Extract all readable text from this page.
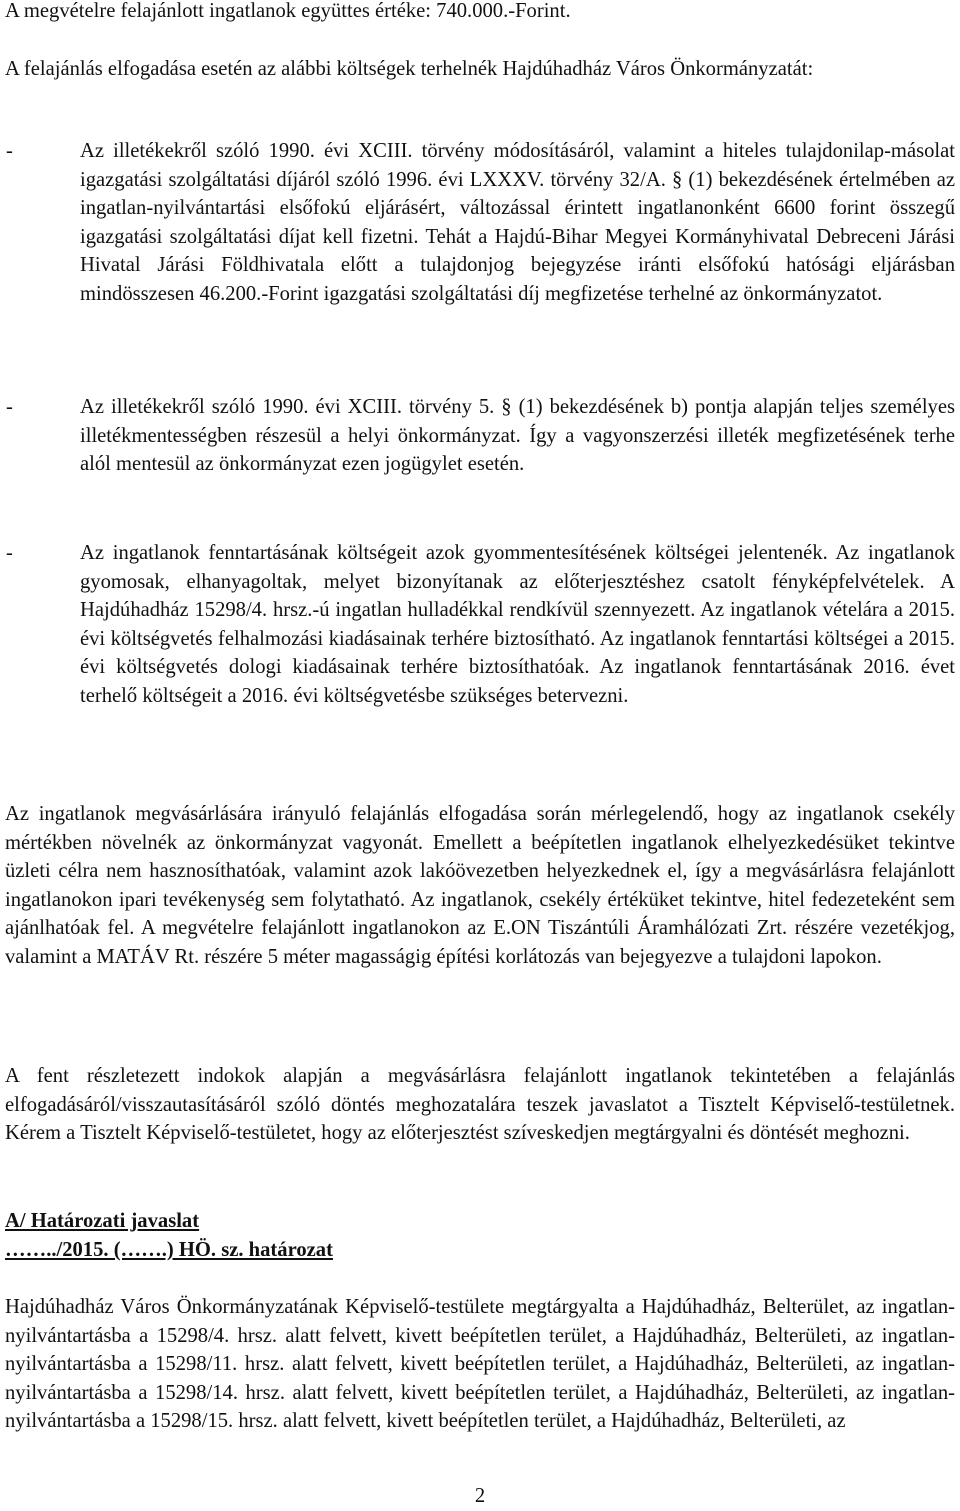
A megvételre felajánlott ingatlanok együttes értéke: 740.000.-Forint.

A felajánlás elfogadása esetén az alábbi költségek terhelnék Hajdúhadház Város Önkormányzatát:

-	Az illetékekről szóló 1990. évi XCIII. törvény módosításáról, valamint a hiteles tulajdonilap-másolat igazgatási szolgáltatási díjáról szóló 1996. évi LXXXV. törvény 32/A. § (1) bekezdésének értelmében az ingatlan-nyilvántartási elsőfokú eljárásért, változással érintett ingatlanonként 6600 forint összegű igazgatási szolgáltatási díjat kell fizetni. Tehát a Hajdú-Bihar Megyei Kormányhivatal Debreceni Járási Hivatal Járási Földhivatala előtt a tulajdonjog bejegyzése iránti elsőfokú hatósági eljárásban mindösszesen 46.200.-Forint igazgatási szolgáltatási díj megfizetése terhelné az önkormányzatot.
-	Az illetékekről szóló 1990. évi XCIII. törvény 5. § (1) bekezdésének b) pontja alapján teljes személyes illetékmentességben részesül a helyi önkormányzat. Így a vagyonszerzési illeték megfizetésének terhe alól mentesül az önkormányzat ezen jogügylet esetén.
-	Az ingatlanok fenntartásának költségeit azok gyommentesítésének költségei jelentenék. Az ingatlanok gyomosak, elhanyagoltak, melyet bizonyítanak az előterjesztéshez csatolt fényképfelvételek. A Hajdúhadház 15298/4. hrsz.-ú ingatlan hulladékkal rendkívül szennyezett. Az ingatlanok vételára a 2015. évi költségvetés felhalmozási kiadásainak terhére biztosítható. Az ingatlanok fenntartási költségei a 2015. évi költségvetés dologi kiadásainak terhére biztosíthatóak. Az ingatlanok fenntartásának 2016. évet terhelő költségeit a 2016. évi költségvetésbe szükséges betervezni.

Az ingatlanok megvásárlására irányuló felajánlás elfogadása során mérlegelendő, hogy az ingatlanok csekély mértékben növelnék az önkormányzat vagyonát. Emellett a beépítetlen ingatlanok elhelyezkedésüket tekintve üzleti célra nem hasznosíthatóak, valamint azok lakóövezetben helyezkednek el, így a megvásárlásra felajánlott ingatlanokon ipari tevékenység sem folytatható. Az ingatlanok, csekély értéküket tekintve, hitel fedezeteként sem ajánlhatóak fel. A megvételre felajánlott ingatlanokon az E.ON Tiszántúli Áramhálózati Zrt. részére vezetékjog, valamint a MATÁV Rt. részére 5 méter magasságig építési korlátozás van bejegyezve a tulajdoni lapokon.

A fent részletezett indokok alapján a megvásárlásra felajánlott ingatlanok tekintetében a felajánlás elfogadásáról/visszautasításáról szóló döntés meghozatalára teszek javaslatot a Tisztelt Képviselő-testületnek. Kérem a Tisztelt Képviselő-testületet, hogy az előterjesztést szíveskedjen megtárgyalni és döntését meghozni.

A/ Határozati javaslat

……../2015. (…….) HÖ. sz. határozat

Hajdúhadház Város Önkormányzatának Képviselő-testülete megtárgyalta a Hajdúhadház, Belterület, az ingatlan-nyilvántartásba a 15298/4. hrsz. alatt felvett, kivett beépítetlen terület, a Hajdúhadház, Belterületi, az ingatlan-nyilvántartásba a 15298/11. hrsz. alatt felvett, kivett beépítetlen terület, a Hajdúhadház, Belterületi, az ingatlan-nyilvántartásba a 15298/14. hrsz. alatt felvett, kivett beépítetlen terület, a Hajdúhadház, Belterületi, az ingatlan-nyilvántartásba a 15298/15. hrsz. alatt felvett, kivett beépítetlen terület, a Hajdúhadház, Belterületi, az

2
